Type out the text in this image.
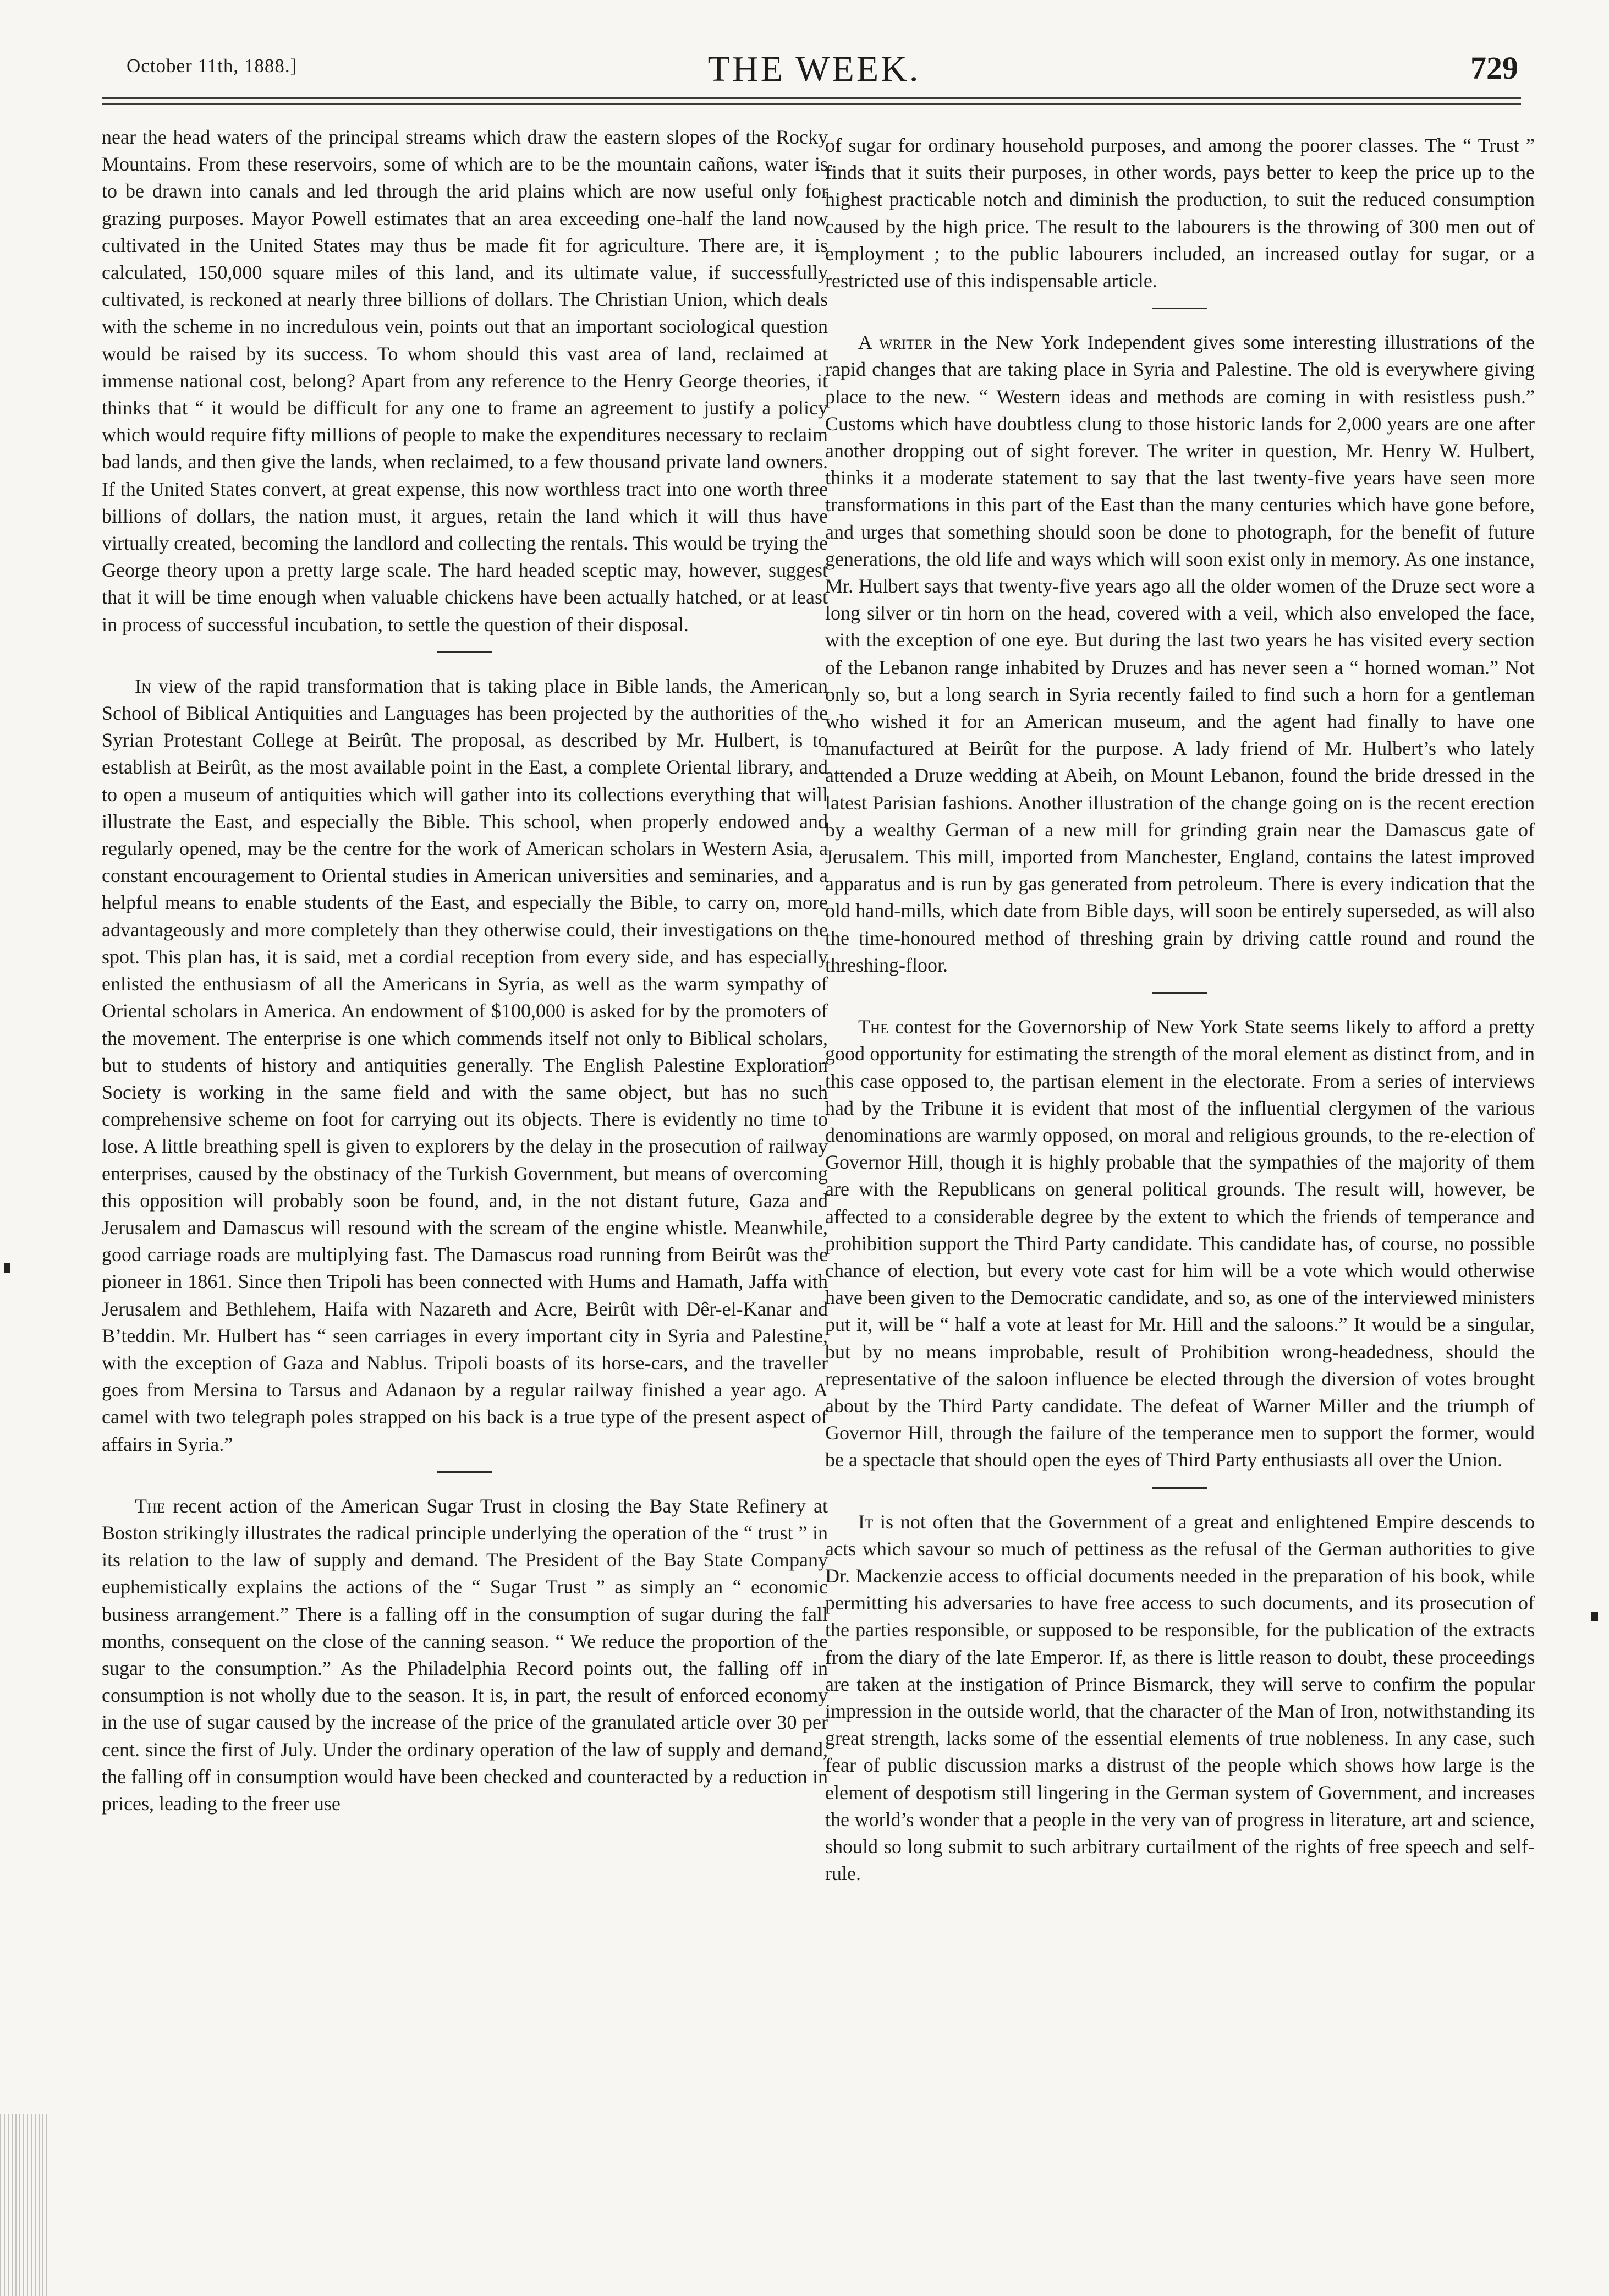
October 11th, 1888.]	THE WEEK.	729

near the head waters of the principal streams which draw the eastern slopes of the Rocky Mountains. From these reservoirs, some of which are to be the mountain cañons, water is to be drawn into canals and led through the arid plains which are now useful only for grazing purposes. Mayor Powell estimates that an area exceeding one-half the land now cultivated in the United States may thus be made fit for agriculture. There are, it is calculated, 150,000 square miles of this land, and its ultimate value, if successfully cultivated, is reckoned at nearly three billions of dollars. The Christian Union, which deals with the scheme in no incredulous vein, points out that an important sociological question would be raised by its success. To whom should this vast area of land, reclaimed at immense national cost, belong? Apart from any reference to the Henry George theories, it thinks that “ it would be difficult for any one to frame an agreement to justify a policy which would require fifty millions of people to make the expenditures necessary to reclaim bad lands, and then give the lands, when reclaimed, to a few thousand private land owners. If the United States convert, at great expense, this now worthless tract into one worth three billions of dollars, the nation must, it argues, retain the land which it will thus have virtually created, becoming the landlord and collecting the rentals. This would be trying the George theory upon a pretty large scale. The hard headed sceptic may, however, suggest that it will be time enough when valuable chickens have been actually hatched, or at least in process of successful incubation, to settle the question of their disposal.

In view of the rapid transformation that is taking place in Bible lands, the American School of Biblical Antiquities and Languages has been projected by the authorities of the Syrian Protestant College at Beirût. The proposal, as described by Mr. Hulbert, is to establish at Beirût, as the most available point in the East, a complete Oriental library, and to open a museum of antiquities which will gather into its collections everything that will illustrate the East, and especially the Bible. This school, when properly endowed and regularly opened, may be the centre for the work of American scholars in Western Asia, a constant encouragement to Oriental studies in American universities and seminaries, and a helpful means to enable students of the East, and especially the Bible, to carry on, more advantageously and more completely than they otherwise could, their investigations on the spot. This plan has, it is said, met a cordial reception from every side, and has especially enlisted the enthusiasm of all the Americans in Syria, as well as the warm sympathy of Oriental scholars in America. An endowment of $100,000 is asked for by the promoters of the movement. The enterprise is one which commends itself not only to Biblical scholars, but to students of history and antiquities generally. The English Palestine Exploration Society is working in the same field and with the same object, but has no such comprehensive scheme on foot for carrying out its objects. There is evidently no time to lose. A little breathing spell is given to explorers by the delay in the prosecution of railway enterprises, caused by the obstinacy of the Turkish Government, but means of overcoming this opposition will probably soon be found, and, in the not distant future, Gaza and Jerusalem and Damascus will resound with the scream of the engine whistle. Meanwhile, good carriage roads are multiplying fast. The Damascus road running from Beirût was the pioneer in 1861. Since then Tripoli has been connected with Hums and Hamath, Jaffa with Jerusalem and Bethlehem, Haifa with Nazareth and Acre, Beirût with Dêr-el-Kanar and B’teddin. Mr. Hulbert has “ seen carriages in every important city in Syria and Palestine, with the exception of Gaza and Nablus. Tripoli boasts of its horse-cars, and the traveller goes from Mersina to Tarsus and Adanaon by a regular railway finished a year ago. A camel with two telegraph poles strapped on his back is a true type of the present aspect of affairs in Syria.”

The recent action of the American Sugar Trust in closing the Bay State Refinery at Boston strikingly illustrates the radical principle underlying the operation of the “ trust ” in its relation to the law of supply and demand. The President of the Bay State Company euphemistically explains the actions of the “ Sugar Trust ” as simply an “ economic business arrangement.” There is a falling off in the consumption of sugar during the fall months, consequent on the close of the canning season. “ We reduce the proportion of the sugar to the consumption.” As the Philadelphia Record points out, the falling off in consumption is not wholly due to the season. It is, in part, the result of enforced economy in the use of sugar caused by the increase of the price of the granulated article over 30 per cent. since the first of July. Under the ordinary operation of the law of supply and demand, the falling off in consumption would have been checked and counteracted by a reduction in prices, leading to the freer use

of sugar for ordinary household purposes, and among the poorer classes. The “ Trust ” finds that it suits their purposes, in other words, pays better to keep the price up to the highest practicable notch and diminish the production, to suit the reduced consumption caused by the high price. The result to the labourers is the throwing of 300 men out of employment ; to the public labourers included, an increased outlay for sugar, or a restricted use of this indispensable article.

A writer in the New York Independent gives some interesting illustrations of the rapid changes that are taking place in Syria and Palestine. The old is everywhere giving place to the new. “ Western ideas and methods are coming in with resistless push.” Customs which have doubtless clung to those historic lands for 2,000 years are one after another dropping out of sight forever. The writer in question, Mr. Henry W. Hulbert, thinks it a moderate statement to say that the last twenty-five years have seen more transformations in this part of the East than the many centuries which have gone before, and urges that something should soon be done to photograph, for the benefit of future generations, the old life and ways which will soon exist only in memory. As one instance, Mr. Hulbert says that twenty-five years ago all the older women of the Druze sect wore a long silver or tin horn on the head, covered with a veil, which also enveloped the face, with the exception of one eye. But during the last two years he has visited every section of the Lebanon range inhabited by Druzes and has never seen a “ horned woman.” Not only so, but a long search in Syria recently failed to find such a horn for a gentleman who wished it for an American museum, and the agent had finally to have one manufactured at Beirût for the purpose. A lady friend of Mr. Hulbert’s who lately attended a Druze wedding at Abeih, on Mount Lebanon, found the bride dressed in the latest Parisian fashions. Another illustration of the change going on is the recent erection by a wealthy German of a new mill for grinding grain near the Damascus gate of Jerusalem. This mill, imported from Manchester, England, contains the latest improved apparatus and is run by gas generated from petroleum. There is every indication that the old hand-mills, which date from Bible days, will soon be entirely superseded, as will also the time-honoured method of threshing grain by driving cattle round and round the threshing-floor.

The contest for the Governorship of New York State seems likely to afford a pretty good opportunity for estimating the strength of the moral element as distinct from, and in this case opposed to, the partisan element in the electorate. From a series of interviews had by the Tribune it is evident that most of the influential clergymen of the various denominations are warmly opposed, on moral and religious grounds, to the re-election of Governor Hill, though it is highly probable that the sympathies of the majority of them are with the Republicans on general political grounds. The result will, however, be affected to a considerable degree by the extent to which the friends of temperance and prohibition support the Third Party candidate. This candidate has, of course, no possible chance of election, but every vote cast for him will be a vote which would otherwise have been given to the Democratic candidate, and so, as one of the interviewed ministers put it, will be “ half a vote at least for Mr. Hill and the saloons.” It would be a singular, but by no means improbable, result of Prohibition wrong-headedness, should the representative of the saloon influence be elected through the diversion of votes brought about by the Third Party candidate. The defeat of Warner Miller and the triumph of Governor Hill, through the failure of the temperance men to support the former, would be a spectacle that should open the eyes of Third Party enthusiasts all over the Union.

It is not often that the Government of a great and enlightened Empire descends to acts which savour so much of pettiness as the refusal of the German authorities to give Dr. Mackenzie access to official documents needed in the preparation of his book, while permitting his adversaries to have free access to such documents, and its prosecution of the parties responsible, or supposed to be responsible, for the publication of the extracts from the diary of the late Emperor. If, as there is little reason to doubt, these proceedings are taken at the instigation of Prince Bismarck, they will serve to confirm the popular impression in the outside world, that the character of the Man of Iron, notwithstanding its great strength, lacks some of the essential elements of true nobleness. In any case, such fear of public discussion marks a distrust of the people which shows how large is the element of despotism still lingering in the German system of Government, and increases the world’s wonder that a people in the very van of progress in literature, art and science, should so long submit to such arbitrary curtailment of the rights of free speech and self-rule.
